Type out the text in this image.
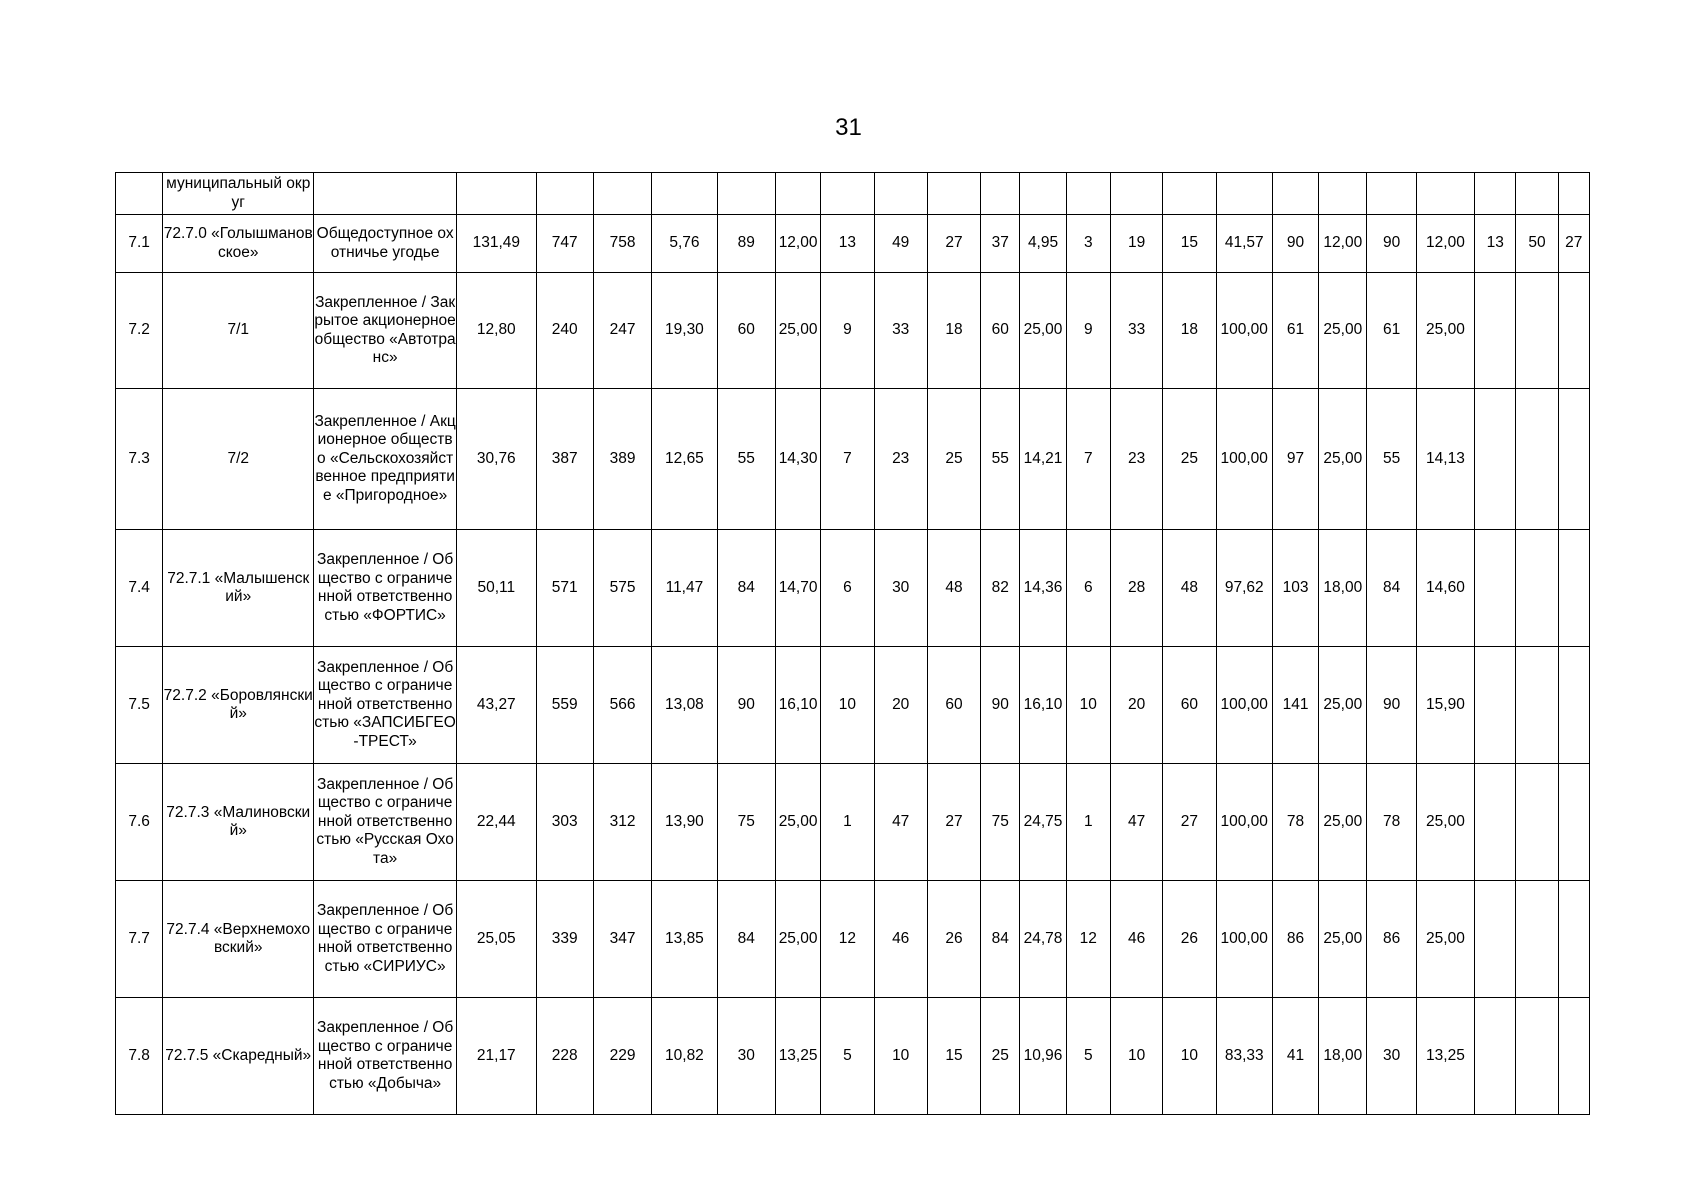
31
	муниципальный округ																							
7.1	72.7.0 «Голышмановское»	Общедоступное охотничье угодье	131,49	747	758	5,76	89	12,00	13	49	27	37	4,95	3	19	15	41,57	90	12,00	90	12,00	13	50	27
7.2	7/1	Закрепленное / Закрытое акционерное общество «Автотранс»	12,80	240	247	19,30	60	25,00	9	33	18	60	25,00	9	33	18	100,00	61	25,00	61	25,00			
7.3	7/2	Закрепленное / Акционерное общество «Сельскохозяйственное предприятие «Пригородное»	30,76	387	389	12,65	55	14,30	7	23	25	55	14,21	7	23	25	100,00	97	25,00	55	14,13			
7.4	72.7.1 «Малышенский»	Закрепленное / Общество с ограниченной ответственностью «ФОРТИС»	50,11	571	575	11,47	84	14,70	6	30	48	82	14,36	6	28	48	97,62	103	18,00	84	14,60			
7.5	72.7.2 «Боровлянский»	Закрепленное / Общество с ограниченной ответственностью «ЗАПСИБГЕО-ТРЕСТ»	43,27	559	566	13,08	90	16,10	10	20	60	90	16,10	10	20	60	100,00	141	25,00	90	15,90			
7.6	72.7.3 «Малиновский»	Закрепленное / Общество с ограниченной ответственностью «Русская Охота»	22,44	303	312	13,90	75	25,00	1	47	27	75	24,75	1	47	27	100,00	78	25,00	78	25,00			
7.7	72.7.4 «Верхнемоховский»	Закрепленное / Общество с ограниченной ответственностью «СИРИУС»	25,05	339	347	13,85	84	25,00	12	46	26	84	24,78	12	46	26	100,00	86	25,00	86	25,00			
7.8	72.7.5 «Скаредный»	Закрепленное / Общество с ограниченной ответственностью «Добыча»	21,17	228	229	10,82	30	13,25	5	10	15	25	10,96	5	10	10	83,33	41	18,00	30	13,25			
